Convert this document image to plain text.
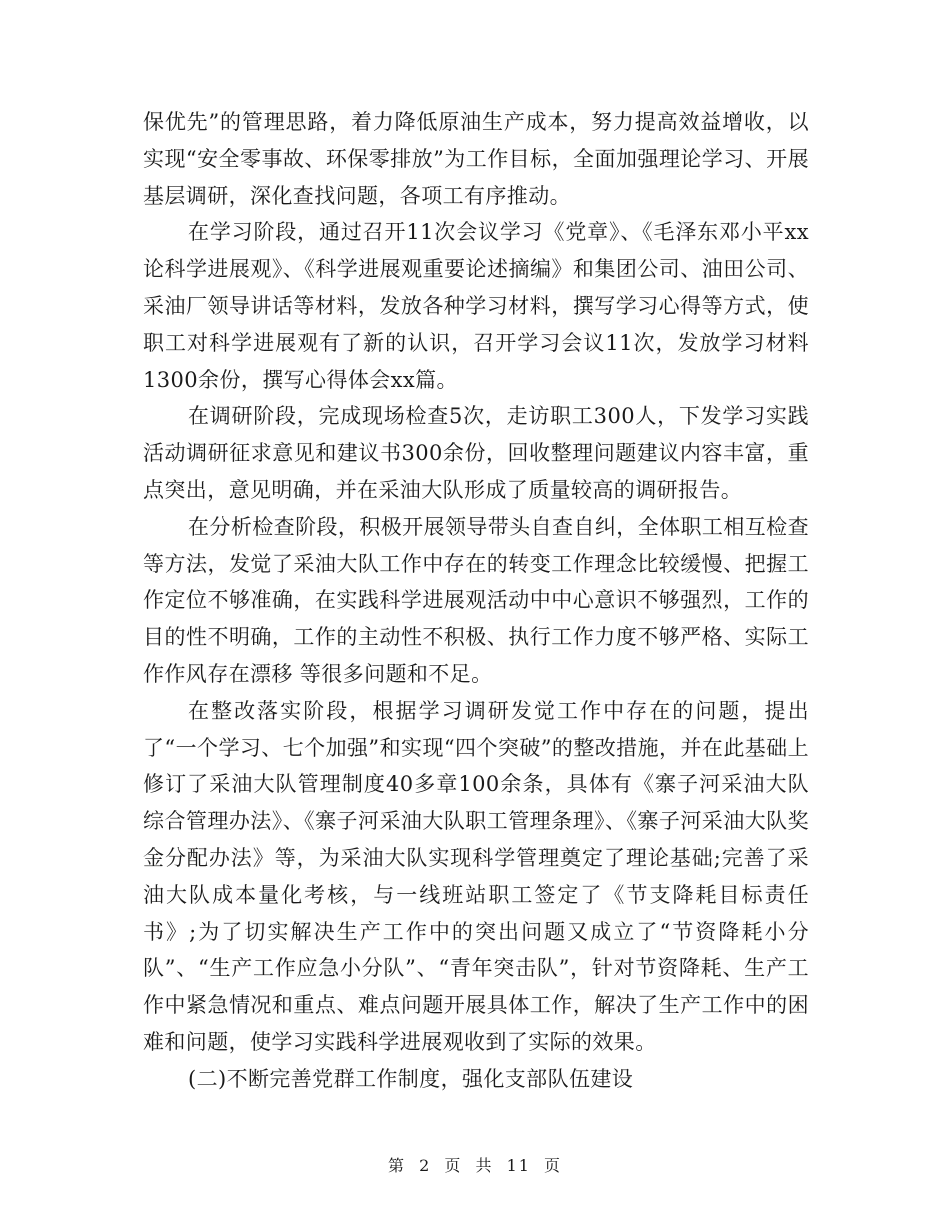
保优先”的管理思路，着力降低原油生产成本，努力提高效益增收，以实现“安全零事故、环保零排放”为工作目标，全面加强理论学习、开展基层调研，深化查找问题，各项工有序推动。

在学习阶段，通过召开11次会议学习《党章》、《毛泽东邓小平xx论科学进展观》、《科学进展观重要论述摘编》和集团公司、油田公司、采油厂领导讲话等材料，发放各种学习材料，撰写学习心得等方式，使职工对科学进展观有了新的认识，召开学习会议11次，发放学习材料1300余份，撰写心得体会xx篇。

在调研阶段，完成现场检查5次，走访职工300人，下发学习实践活动调研征求意见和建议书300余份，回收整理问题建议内容丰富，重点突出，意见明确，并在采油大队形成了质量较高的调研报告。

在分析检查阶段，积极开展领导带头自查自纠，全体职工相互检查等方法，发觉了采油大队工作中存在的转变工作理念比较缓慢、把握工作定位不够准确，在实践科学进展观活动中中心意识不够强烈，工作的目的性不明确，工作的主动性不积极、执行工作力度不够严格、实际工作作风存在漂移 等很多问题和不足。

在整改落实阶段，根据学习调研发觉工作中存在的问题，提出了“一个学习、七个加强”和实现“四个突破”的整改措施，并在此基础上修订了采油大队管理制度40多章100余条，具体有《寨子河采油大队综合管理办法》、《寨子河采油大队职工管理条理》、《寨子河采油大队奖金分配办法》等，为采油大队实现科学管理奠定了理论基础;完善了采油大队成本量化考核，与一线班站职工签定了《节支降耗目标责任书》;为了切实解决生产工作中的突出问题又成立了“节资降耗小分队”、“生产工作应急小分队”、“青年突击队”，针对节资降耗、生产工作中紧急情况和重点、难点问题开展具体工作，解决了生产工作中的困难和问题，使学习实践科学进展观收到了实际的效果。

(二)不断完善党群工作制度，强化支部队伍建设

第 2 页 共 11 页
